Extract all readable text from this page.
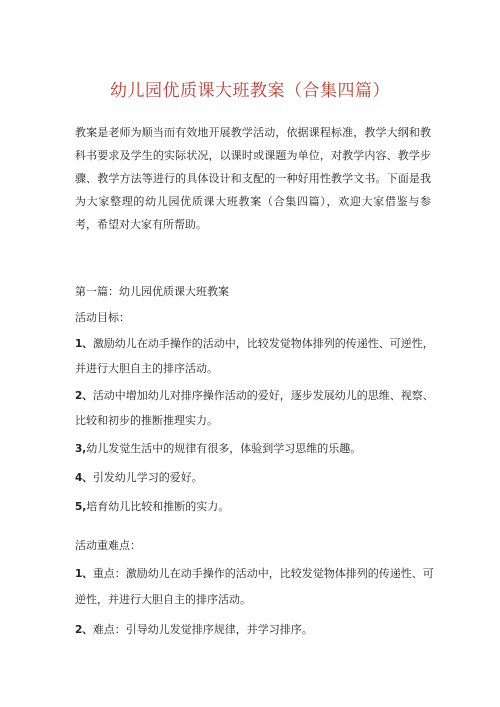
幼儿园优质课大班教案（合集四篇）

教案是老师为顺当而有效地开展教学活动，依据课程标准，教学大纲和教科书要求及学生的实际状况，以课时或课题为单位，对教学内容、教学步骤、教学方法等进行的具体设计和支配的一种好用性教学文书。下面是我为大家整理的幼儿园优质课大班教案（合集四篇），欢迎大家借鉴与参考，希望对大家有所帮助。

第一篇：幼儿园优质课大班教案

活动目标：

1、激励幼儿在动手操作的活动中，比较发觉物体排列的传递性、可逆性，

并进行大胆自主的排序活动。

2、活动中增加幼儿对排序操作活动的爱好，逐步发展幼儿的思维、视察、

比较和初步的推断推理实力。

3,幼儿发觉生活中的规律有很多，体验到学习思维的乐趣。

4、引发幼儿学习的爱好。

5,培育幼儿比较和推断的实力。

活动重难点：

1、重点：激励幼儿在动手操作的活动中，比较发觉物体排列的传递性、可

逆性，并进行大胆自主的排序活动。

2、难点：引导幼儿发觉排序规律，并学习排序。
